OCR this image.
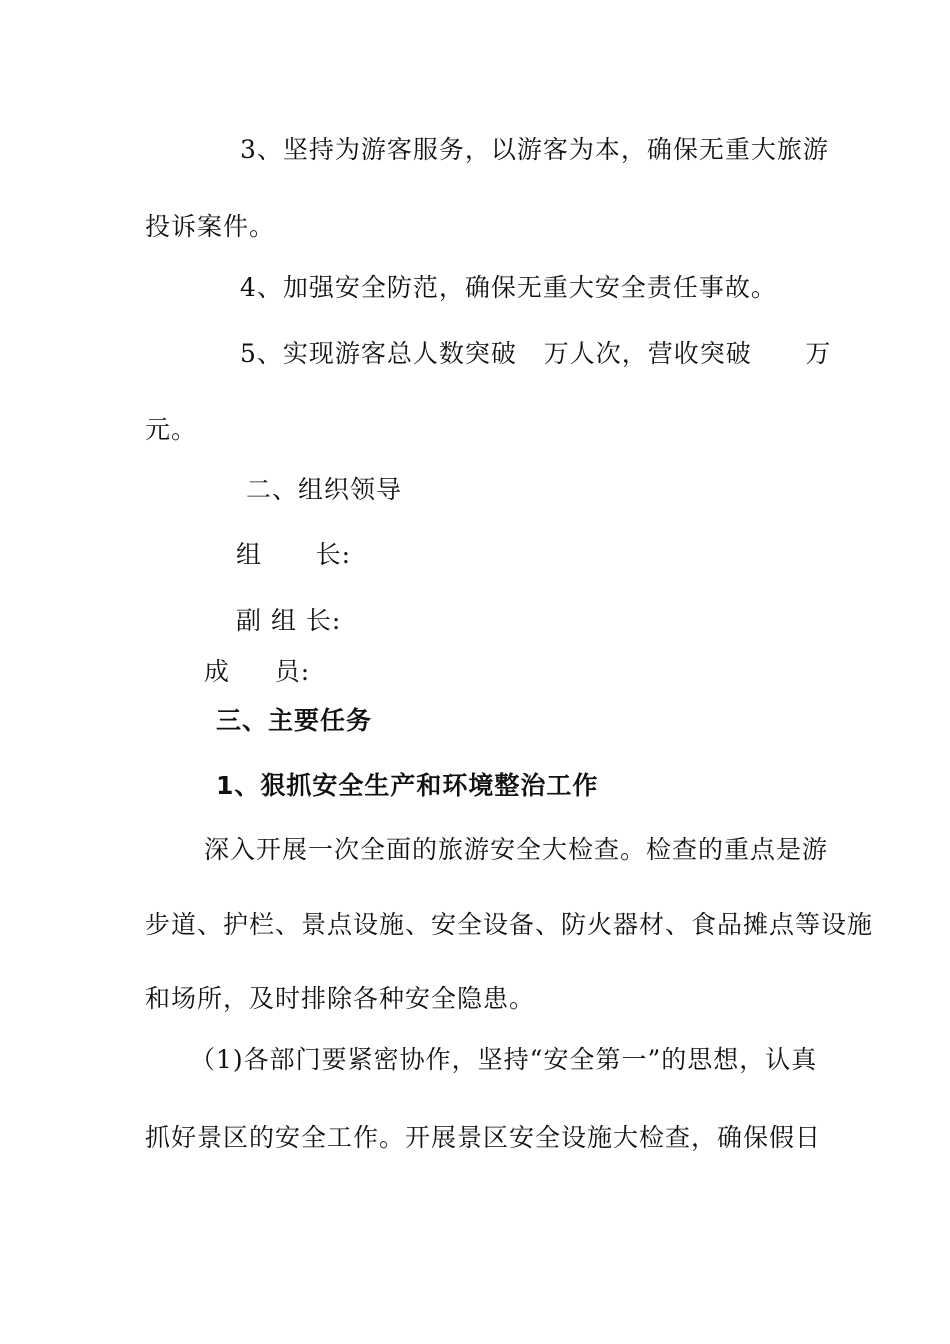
3、坚持为游客服务，以游客为本，确保无重大旅游
投诉案件。
4、加强安全防范，确保无重大安全责任事故。
5、实现游客总人数突破   万人次，营收突破      万
元。
二、组织领导
组      长:
副 组 长:
成     员:
三、主要任务
1、狠抓安全生产和环境整治工作
深入开展一次全面的旅游安全大检查。检查的重点是游
步道、护栏、景点设施、安全设备、防火器材、食品摊点等设施
和场所，及时排除各种安全隐患。
（1)各部门要紧密协作，坚持“安全第一”的思想，认真
抓好景区的安全工作。开展景区安全设施大检查，确保假日
